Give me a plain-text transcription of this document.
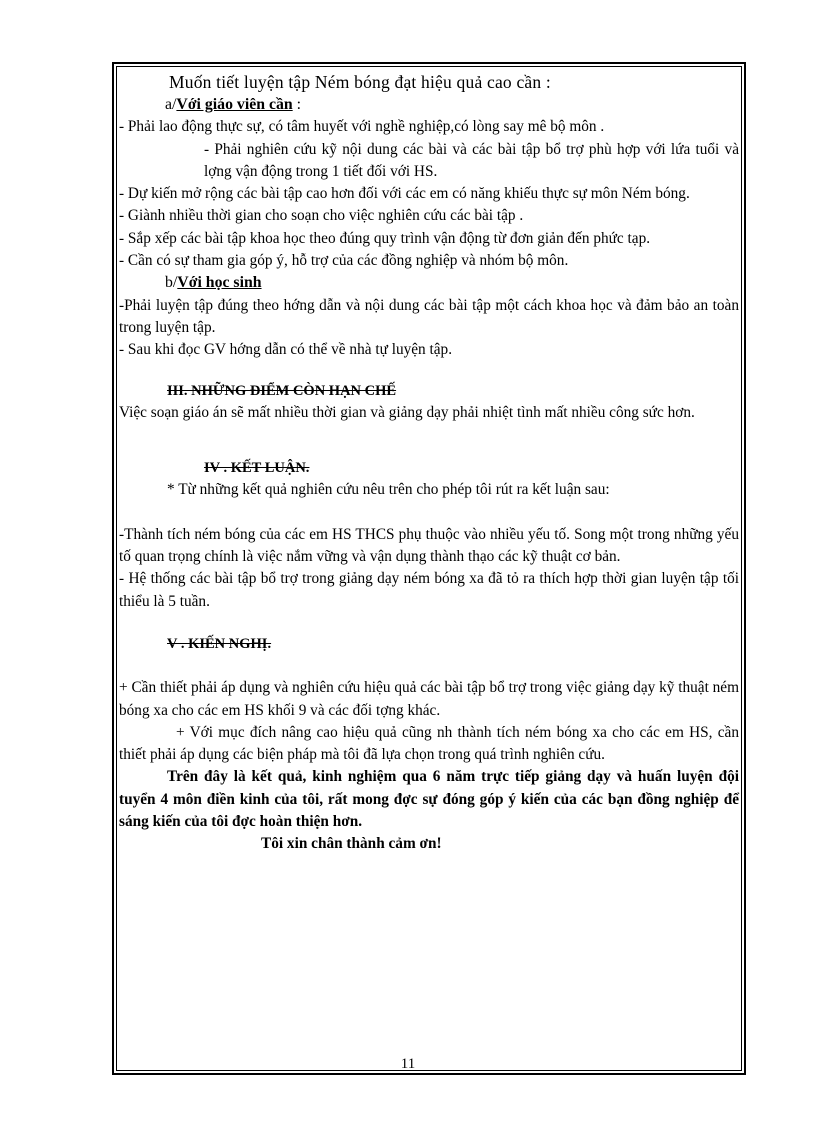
Muốn tiết luyện tập Ném bóng đạt hiệu quả cao cần :

a/Với giáo viên cần :

- Phải lao động thực sự, có tâm huyết với nghề nghiệp,có lòng say mê bộ môn .

- Phải nghiên cứu kỹ nội dung các bài và các bài tập bổ trợ phù hợp với lứa tuổi và lợng vận động trong 1 tiết đối với HS.

- Dự kiến mở rộng các bài tập cao hơn đối với các em có năng khiếu thực sự môn Ném bóng.

- Giành nhiều thời gian cho soạn cho việc nghiên cứu các bài tập .

- Sắp xếp các bài tập khoa học theo đúng quy trình vận động từ đơn giản đến phức tạp.

- Cần có sự tham gia góp ý, hỗ trợ của các đồng nghiệp và nhóm bộ môn.

b/Với học sinh

-Phải luyện tập đúng theo hớng dẫn và nội dung các bài tập một cách khoa học và đảm bảo an toàn trong luyện tập.

- Sau khi đọc GV hớng dẫn có thể về nhà tự luyện tập.

III. NHỮNG ĐIỂM CÒN HẠN CHẾ

Việc soạn giáo án sẽ mất nhiều thời gian và giảng dạy phải nhiệt tình mất nhiều công sức hơn.

IV . KẾT LUẬN.

* Từ những kết quả nghiên cứu nêu trên cho phép tôi rút ra kết luận sau:

-Thành tích ném bóng của các em HS THCS phụ thuộc vào nhiều yếu tố. Song một trong những yếu tố quan trọng chính là việc nắm vững và vận dụng thành thạo các kỹ thuật cơ bản.

- Hệ thống các bài tập bổ trợ trong giảng dạy ném bóng xa đã tỏ ra thích hợp thời gian luyện tập tối thiểu là 5 tuần.

V . KIẾN NGHỊ.

+ Cần thiết phải áp dụng và nghiên cứu hiệu quả các bài tập bổ trợ trong việc giảng dạy kỹ thuật ném bóng xa cho các em HS khối 9 và các đối tợng khác.

+ Với mục đích nâng cao hiệu quả cũng nh thành tích ném bóng xa cho các em HS, cần thiết phải áp dụng các biện pháp mà tôi đã lựa chọn trong quá trình nghiên cứu.

Trên đây là kết quả, kinh nghiệm qua 6 năm trực tiếp giảng dạy và huấn luyện đội tuyển 4 môn điền kinh của tôi, rất mong đợc sự đóng góp ý kiến của các bạn đồng nghiệp để sáng kiến của tôi đợc hoàn thiện hơn.

Tôi xin chân thành cảm ơn!

11
